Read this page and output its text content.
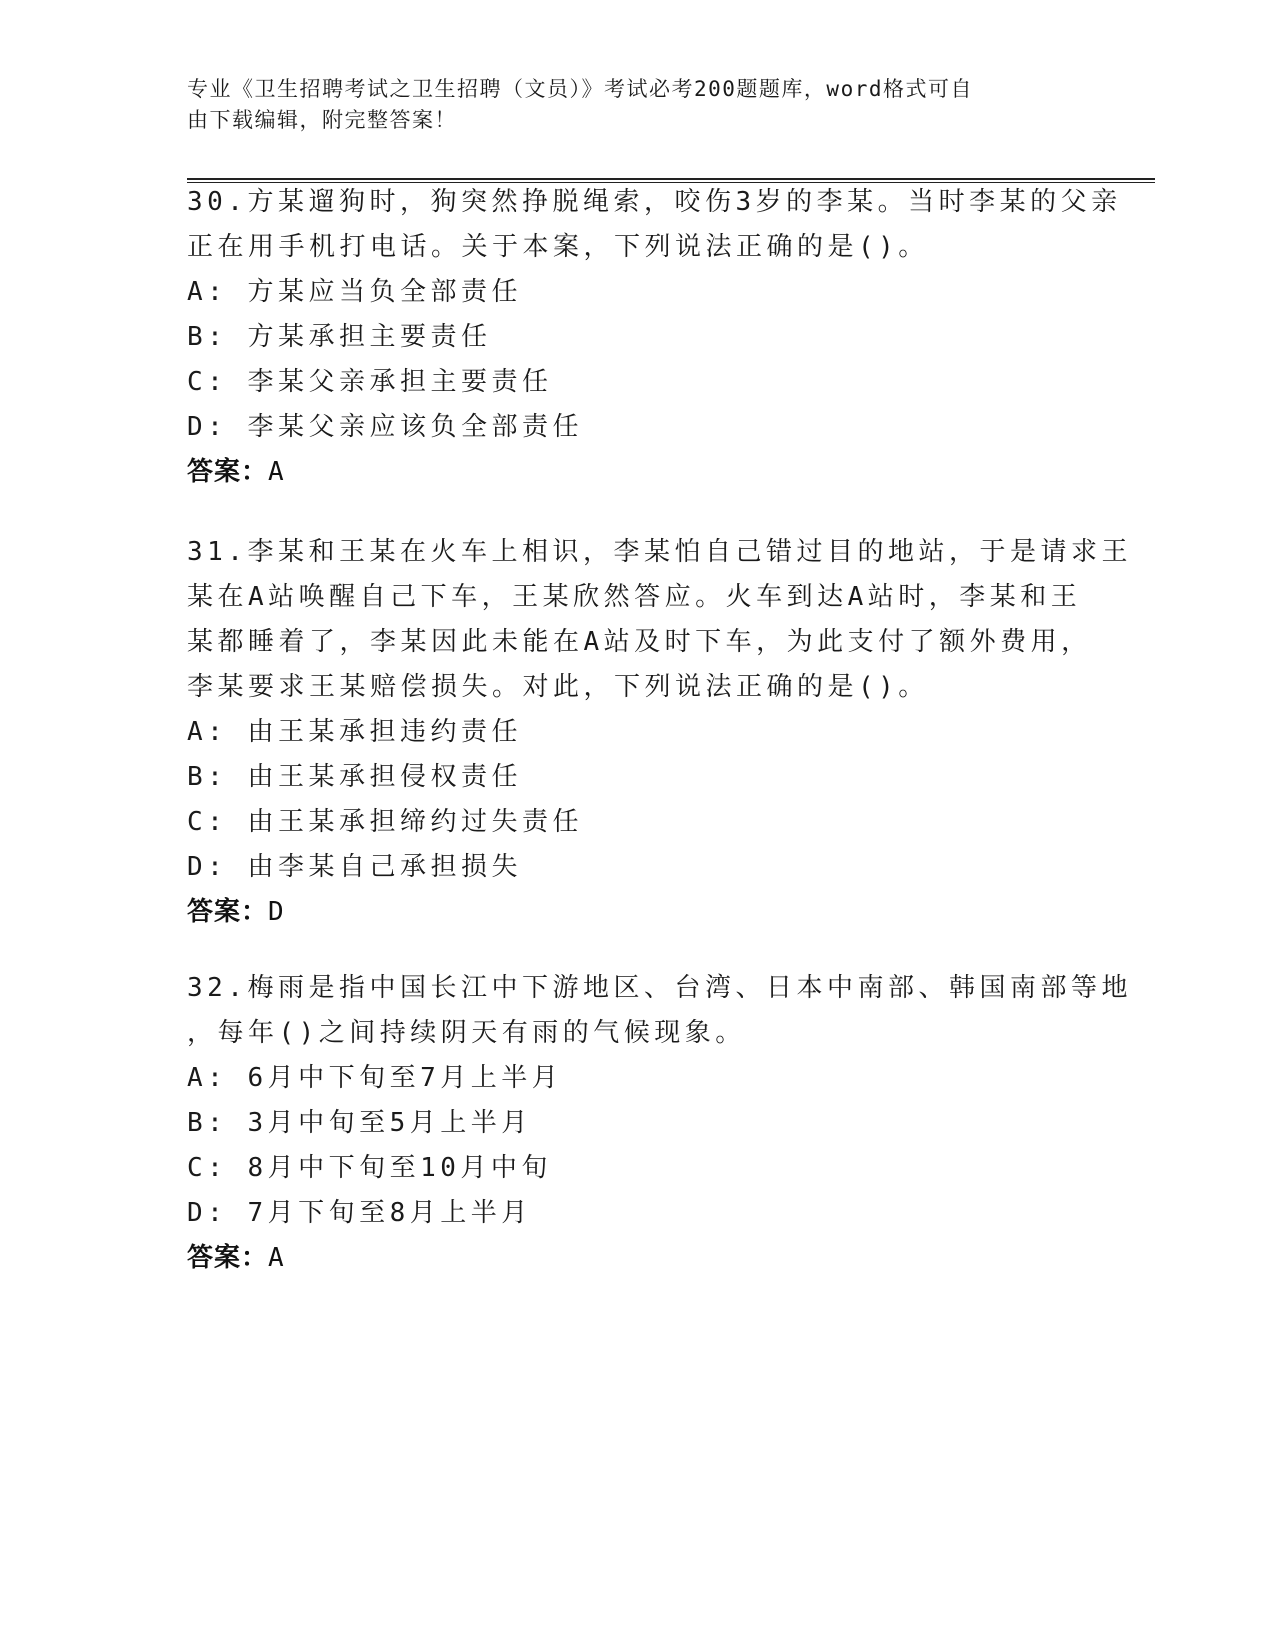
专业《卫生招聘考试之卫生招聘（文员）》考试必考200题题库，word格式可自
由下载编辑，附完整答案！
30.方某遛狗时，狗突然挣脱绳索，咬伤3岁的李某。当时李某的父亲
正在用手机打电话。关于本案，下列说法正确的是()。
A: 方某应当负全部责任
B: 方某承担主要责任
C: 李某父亲承担主要责任
D: 李某父亲应该负全部责任
答案：A
31.李某和王某在火车上相识，李某怕自己错过目的地站，于是请求王
某在A站唤醒自己下车，王某欣然答应。火车到达A站时，李某和王
某都睡着了，李某因此未能在A站及时下车，为此支付了额外费用，
李某要求王某赔偿损失。对此，下列说法正确的是()。
A: 由王某承担违约责任
B: 由王某承担侵权责任
C: 由王某承担缔约过失责任
D: 由李某自己承担损失
答案：D
32.梅雨是指中国长江中下游地区、台湾、日本中南部、韩国南部等地
，每年()之间持续阴天有雨的气候现象。
A: 6月中下旬至7月上半月
B: 3月中旬至5月上半月
C: 8月中下旬至10月中旬
D: 7月下旬至8月上半月
答案：A
